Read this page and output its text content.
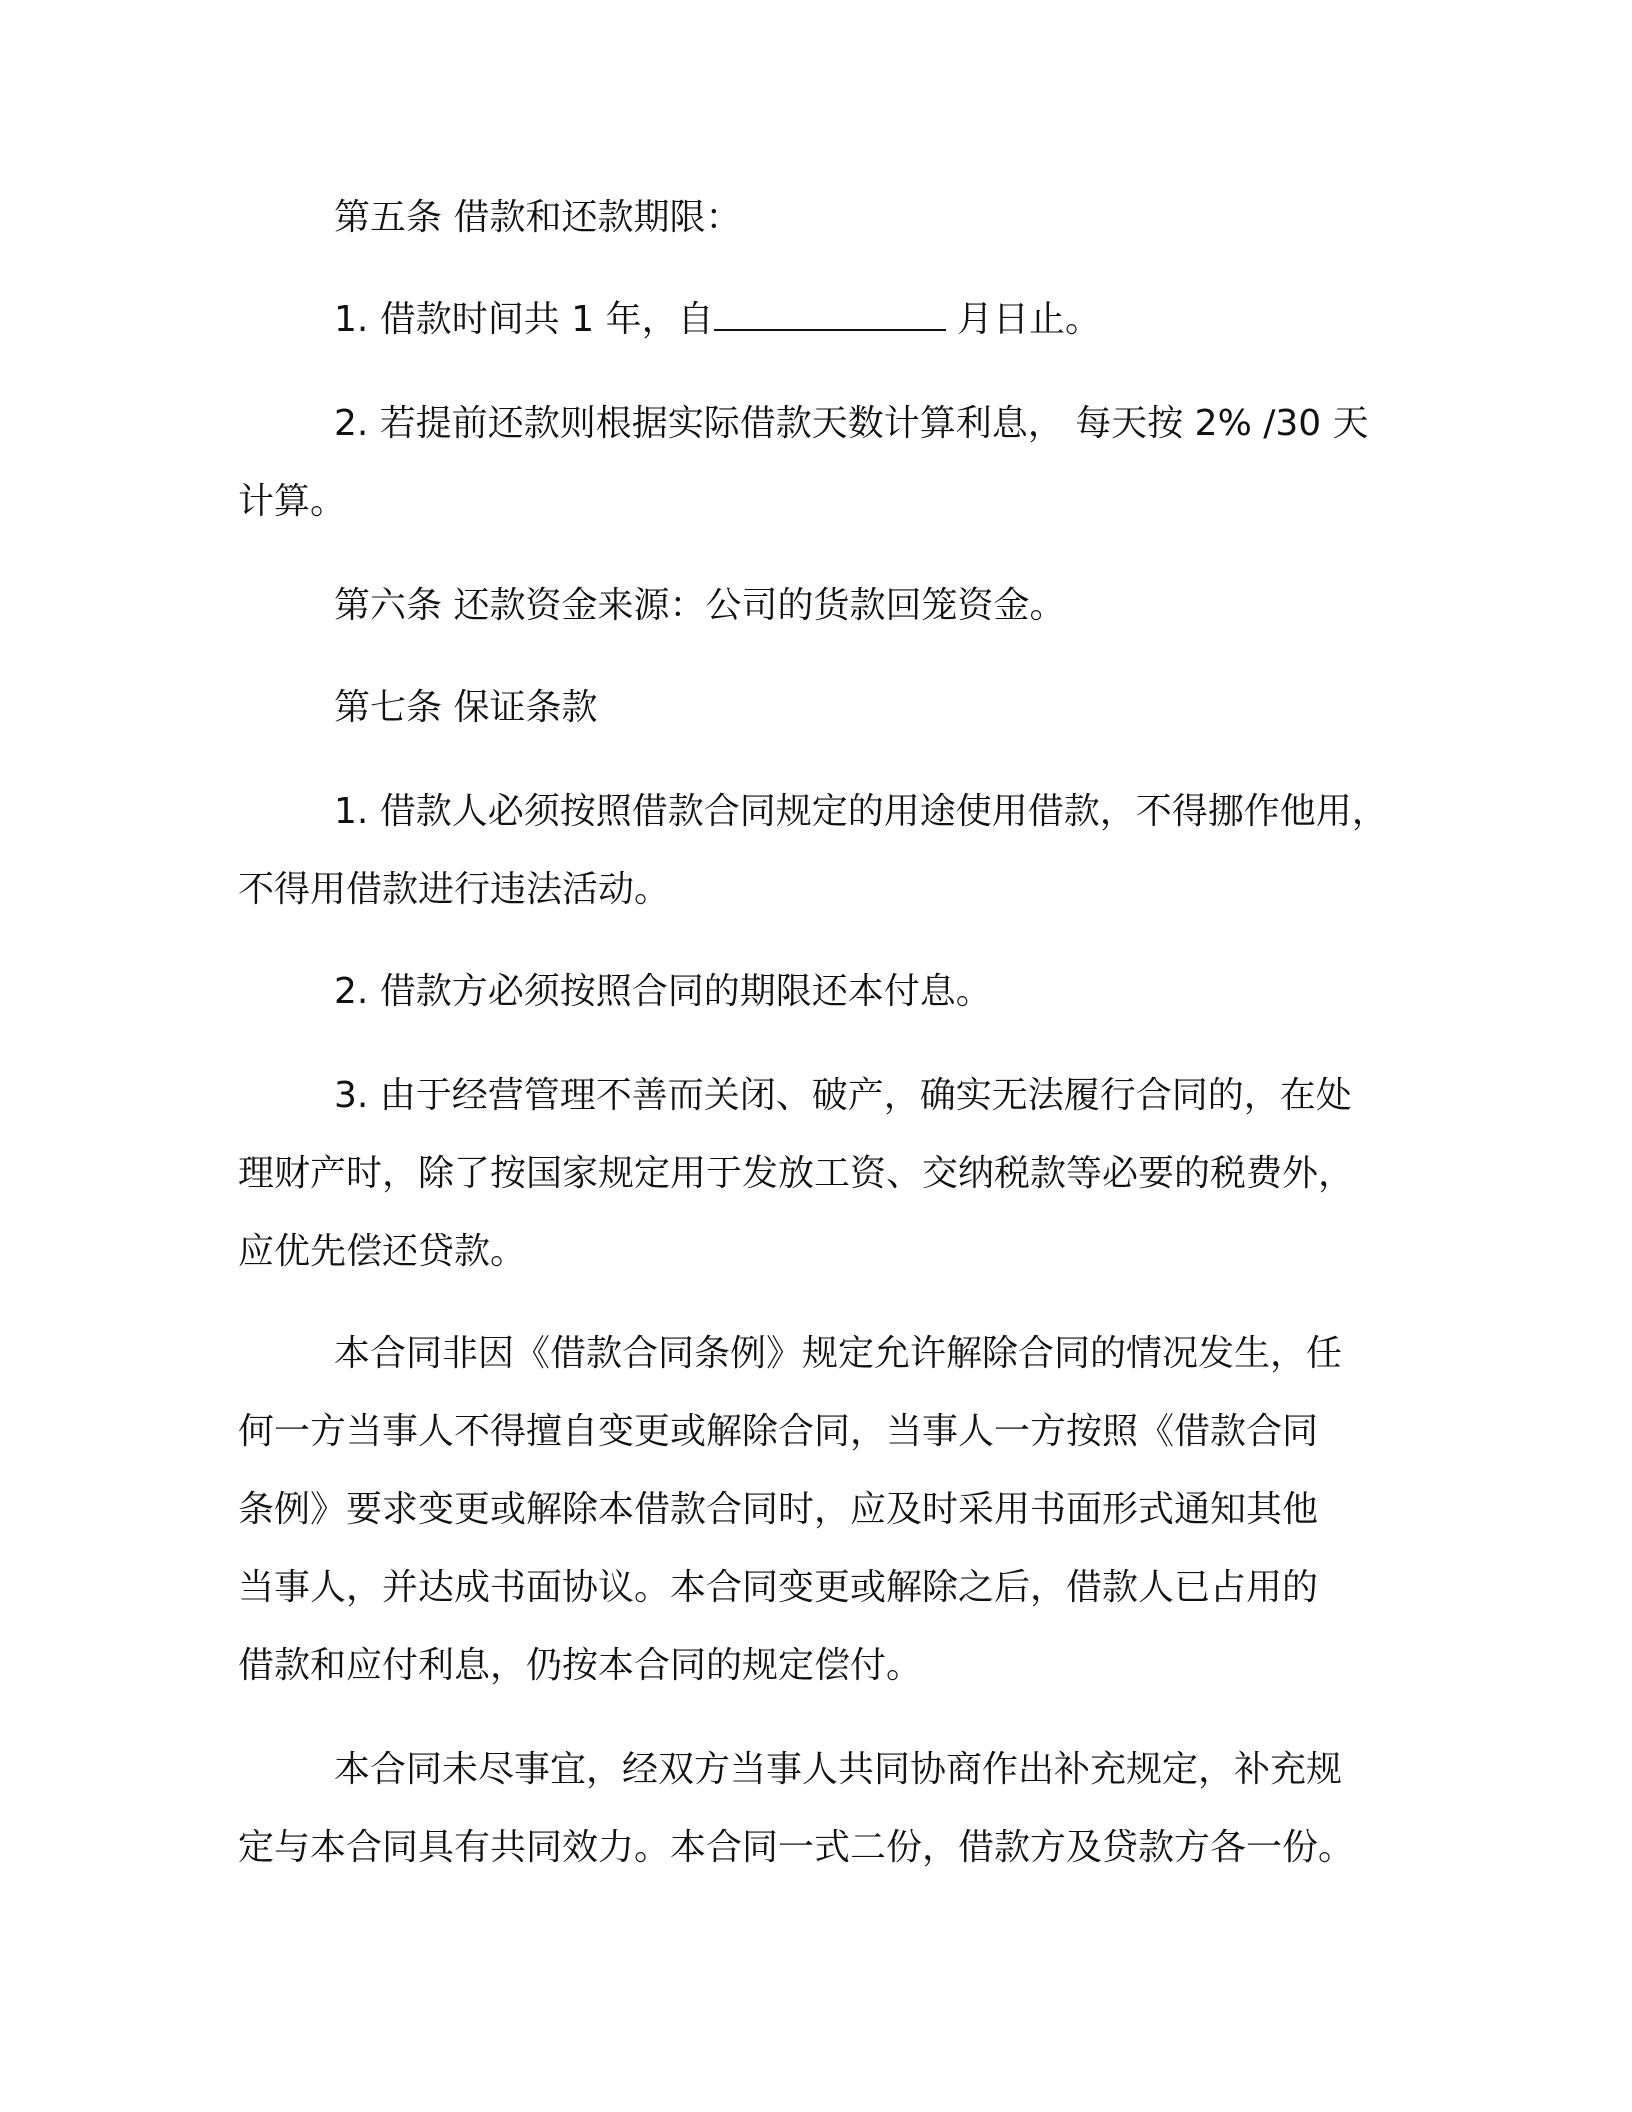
第五条 借款和还款期限：
1. 借款时间共 1 年，自	月日止。
2. 若提前还款则根据实际借款天数计算利息， 每天按 2% /30 天
计算。
第六条 还款资金来源：公司的货款回笼资金。
第七条 保证条款
1. 借款人必须按照借款合同规定的用途使用借款，不得挪作他用，
不得用借款进行违法活动。
2. 借款方必须按照合同的期限还本付息。
3. 由于经营管理不善而关闭、破产，确实无法履行合同的，在处
理财产时，除了按国家规定用于发放工资、交纳税款等必要的税费外，
应优先偿还贷款。
本合同非因《借款合同条例》规定允许解除合同的情况发生，任
何一方当事人不得擅自变更或解除合同，当事人一方按照《借款合同
条例》要求变更或解除本借款合同时，应及时采用书面形式通知其他
当事人，并达成书面协议。本合同变更或解除之后，借款人已占用的
借款和应付利息，仍按本合同的规定偿付。
本合同未尽事宜，经双方当事人共同协商作出补充规定，补充规
定与本合同具有共同效力。本合同一式二份，借款方及贷款方各一份。
